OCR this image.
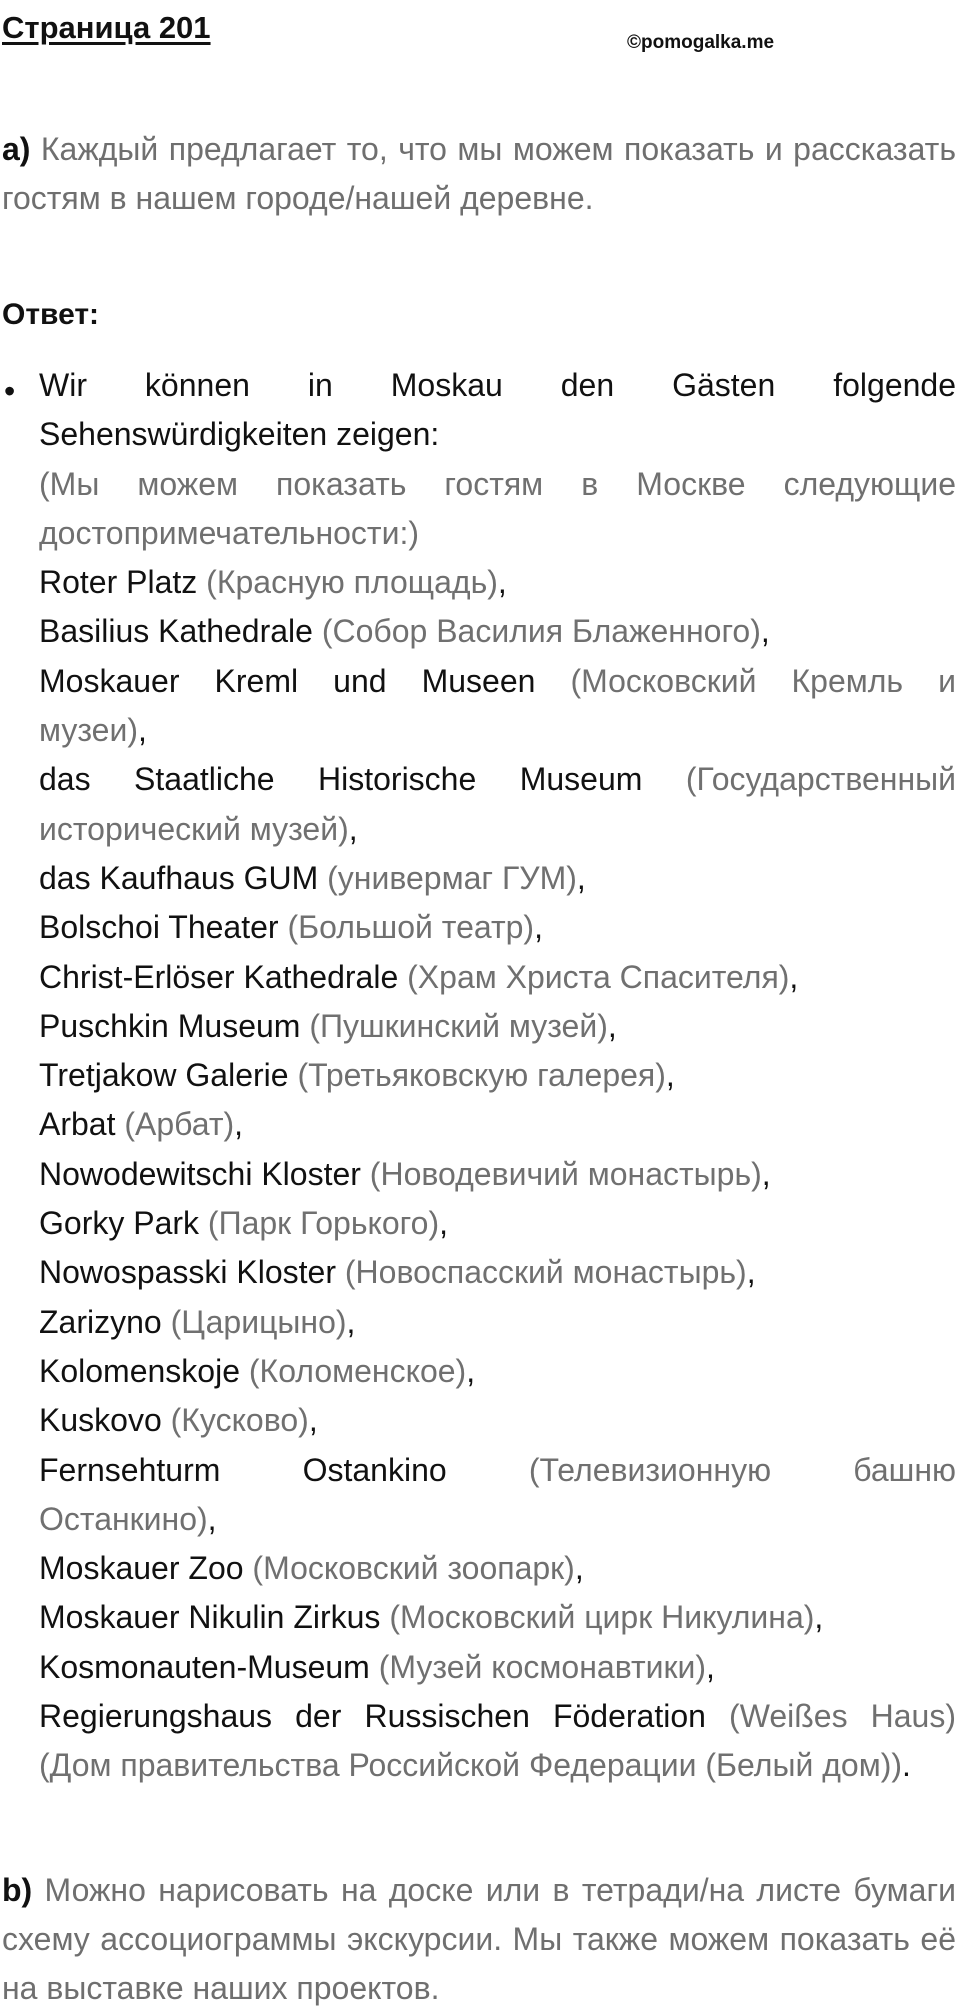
Страница 201	©pomogalka.me
a) Каждый предлагает то, что мы можем показать и рассказать гостям в нашем городе/нашей деревне.
Ответ:
• Wir können in Moskau den Gästen folgende
Sehenswürdigkeiten zeigen:
(Мы можем показать гостям в Москве следующие
достопримечательности:)
Roter Platz (Красную площадь),
Basilius Kathedrale (Собор Василия Блаженного),
Moskauer Kreml und Museen (Московский Кремль и
музеи),
das Staatliche Historische Museum (Государственный
исторический музей),
das Kaufhaus GUM (универмаг ГУМ),
Bolschoi Theater (Большой театр),
Christ-Erlöser Kathedrale (Храм Христа Спасителя),
Puschkin Museum (Пушкинский музей),
Tretjakow Galerie (Третьяковскую галерея),
Arbat (Арбат),
Nowodewitschi Kloster (Новодевичий монастырь),
Gorky Park (Парк Горького),
Nowospasski Kloster (Новоспасский монастырь),
Zarizyno (Царицыно),
Kolomenskoje (Коломенское),
Kuskovo (Кусково),
Fernsehturm Ostankino (Телевизионную башню
Останкино),
Moskauer Zoo (Московский зоопарк),
Moskauer Nikulin Zirkus (Московский цирк Никулина),
Kosmonauten-Museum (Музей космонавтики),
Regierungshaus der Russischen Föderation (Weißes Haus)
(Дом правительства Российской Федерации (Белый дом)).
b) Можно нарисовать на доске или в тетради/на листе бумаги схему ассоциограммы экскурсии. Мы также можем показать её на выставке наших проектов.
